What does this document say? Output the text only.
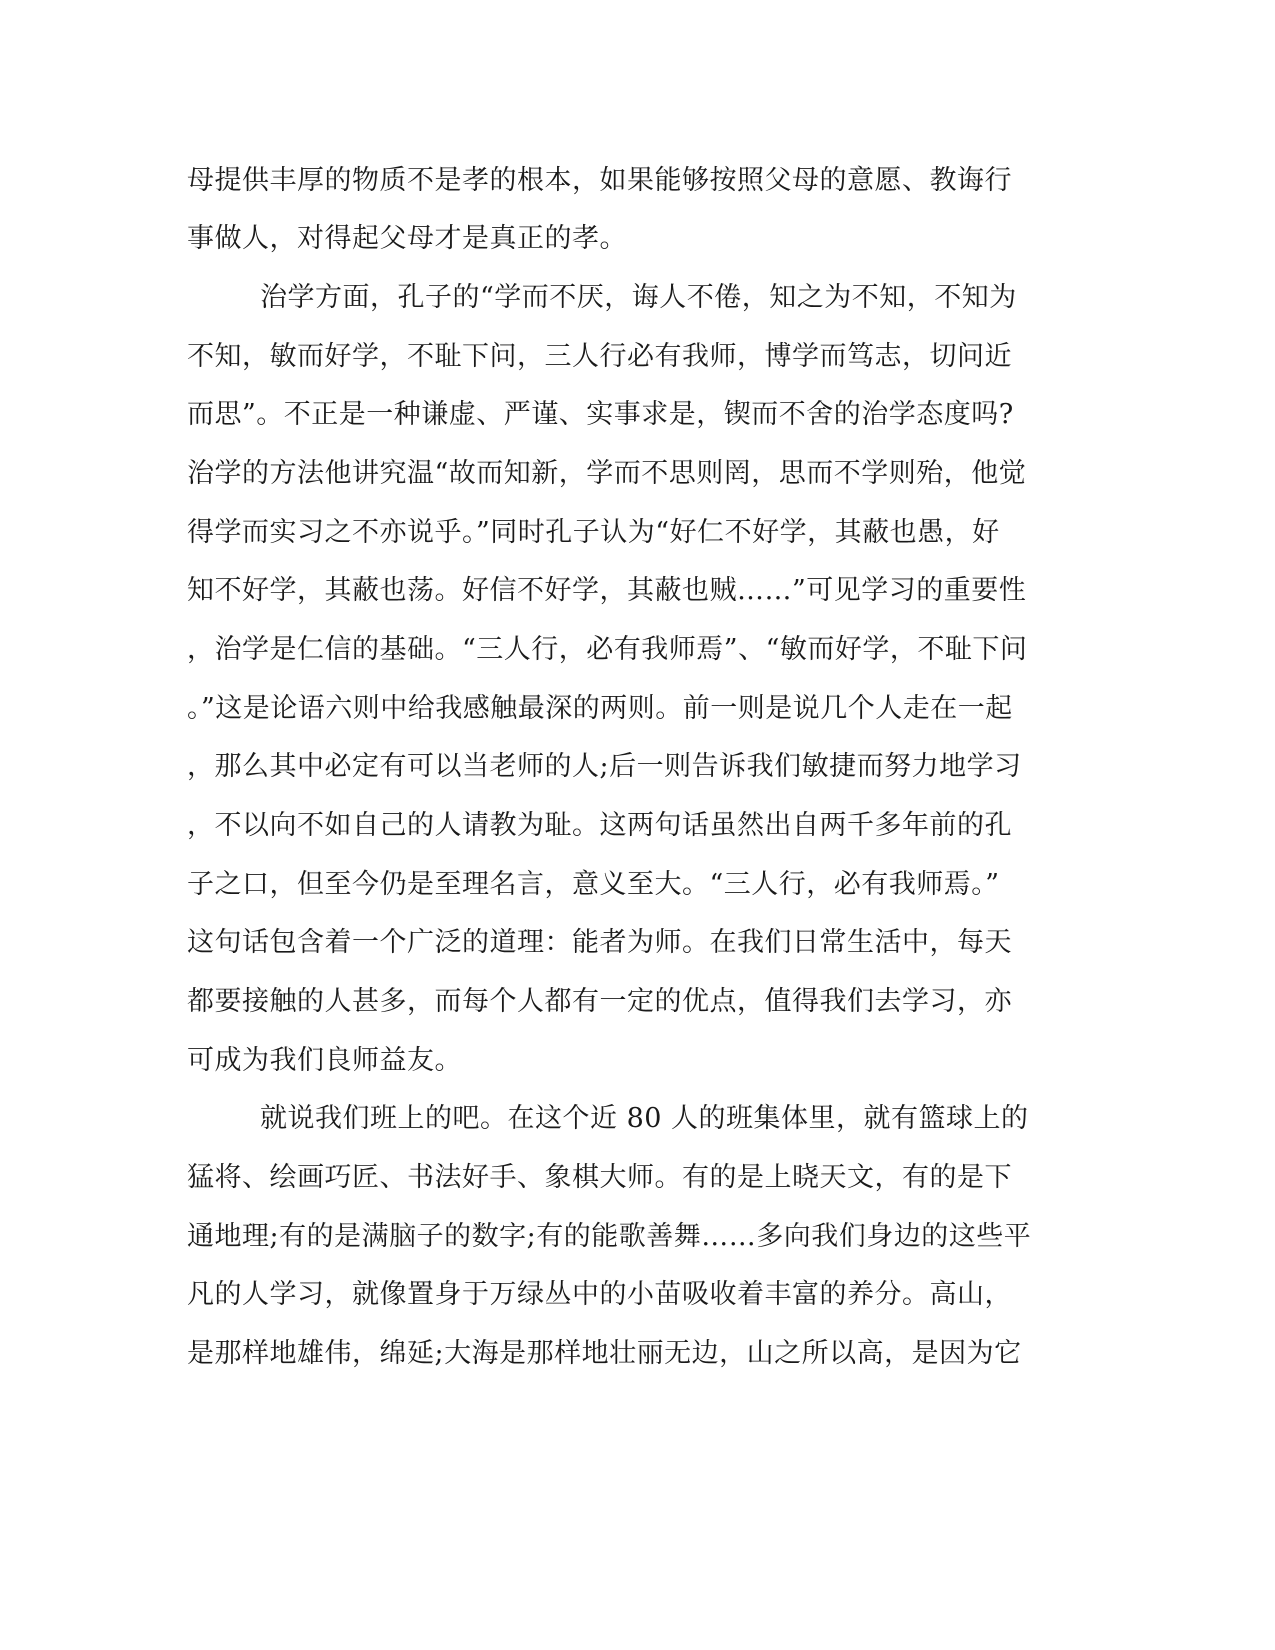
母提供丰厚的物质不是孝的根本，如果能够按照父母的意愿、教诲行
事做人，对得起父母才是真正的孝。
治学方面，孔子的“学而不厌，诲人不倦，知之为不知，不知为
不知，敏而好学，不耻下问，三人行必有我师，博学而笃志，切问近
而思”。不正是一种谦虚、严谨、实事求是，锲而不舍的治学态度吗?
治学的方法他讲究温“故而知新，学而不思则罔，思而不学则殆，他觉
得学而实习之不亦说乎。”同时孔子认为“好仁不好学，其蔽也愚，好
知不好学，其蔽也荡。好信不好学，其蔽也贼……”可见学习的重要性
，治学是仁信的基础。“三人行，必有我师焉”、“敏而好学，不耻下问
。”这是论语六则中给我感触最深的两则。前一则是说几个人走在一起
，那么其中必定有可以当老师的人;后一则告诉我们敏捷而努力地学习
，不以向不如自己的人请教为耻。这两句话虽然出自两千多年前的孔
子之口，但至今仍是至理名言，意义至大。“三人行，必有我师焉。”
这句话包含着一个广泛的道理：能者为师。在我们日常生活中，每天
都要接触的人甚多，而每个人都有一定的优点，值得我们去学习，亦
可成为我们良师益友。
就说我们班上的吧。在这个近 80 人的班集体里，就有篮球上的
猛将、绘画巧匠、书法好手、象棋大师。有的是上晓天文，有的是下
通地理;有的是满脑子的数字;有的能歌善舞……多向我们身边的这些平
凡的人学习，就像置身于万绿丛中的小苗吸收着丰富的养分。高山，
是那样地雄伟，绵延;大海是那样地壮丽无边，山之所以高，是因为它
